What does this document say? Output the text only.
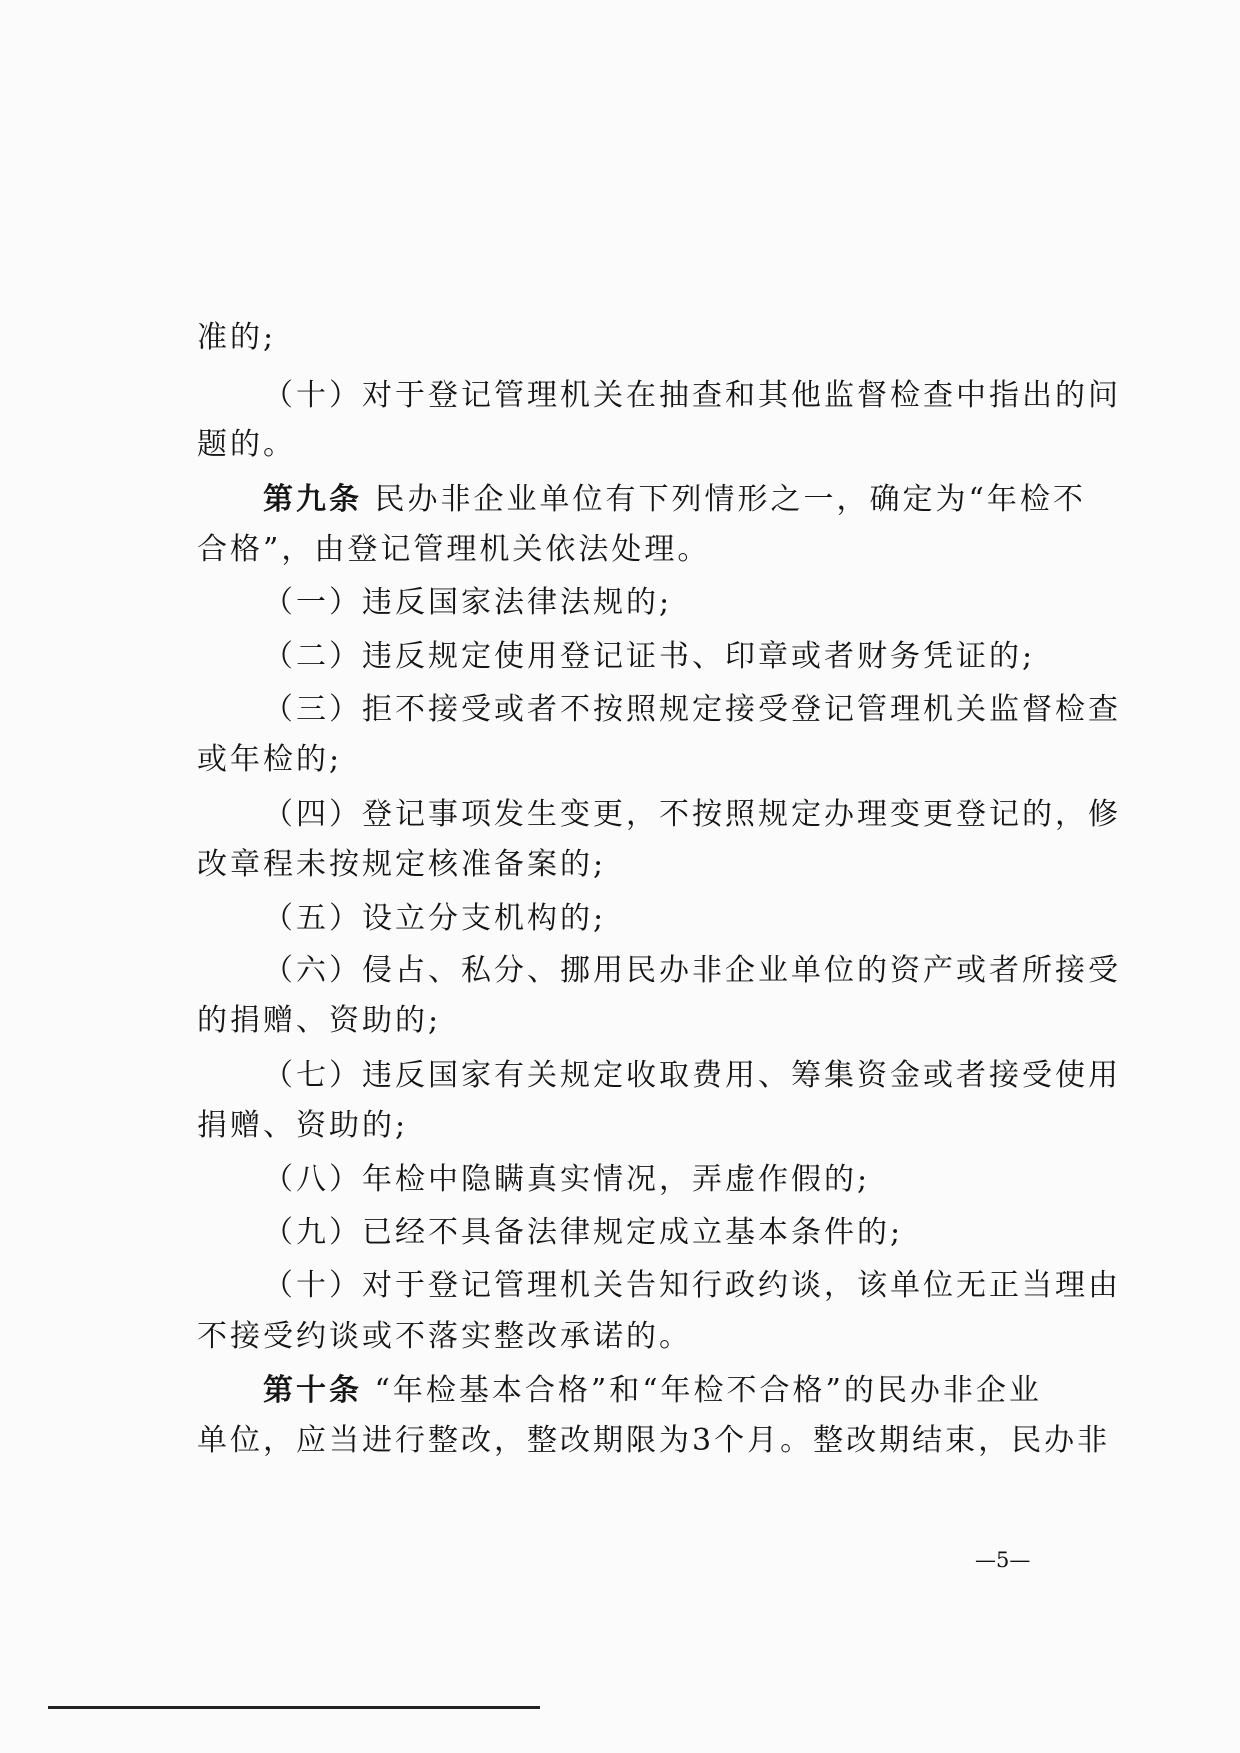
准的;
（十）对于登记管理机关在抽查和其他监督检查中指出的问
题的。
第九条 民办非企业单位有下列情形之一，确定为“年检不
合格”，由登记管理机关依法处理。
（一）违反国家法律法规的;
（二）违反规定使用登记证书、印章或者财务凭证的;
（三）拒不接受或者不按照规定接受登记管理机关监督检查
或年检的;
（四）登记事项发生变更，不按照规定办理变更登记的，修
改章程未按规定核准备案的;
（五）设立分支机构的;
（六）侵占、私分、挪用民办非企业单位的资产或者所接受
的捐赠、资助的;
（七）违反国家有关规定收取费用、筹集资金或者接受使用
捐赠、资助的;
（八）年检中隐瞒真实情况，弄虚作假的;
（九）已经不具备法律规定成立基本条件的;
（十）对于登记管理机关告知行政约谈，该单位无正当理由
不接受约谈或不落实整改承诺的。
第十条 “年检基本合格”和“年检不合格”的民办非企业
单位，应当进行整改，整改期限为3个月。整改期结束，民办非
—5—
